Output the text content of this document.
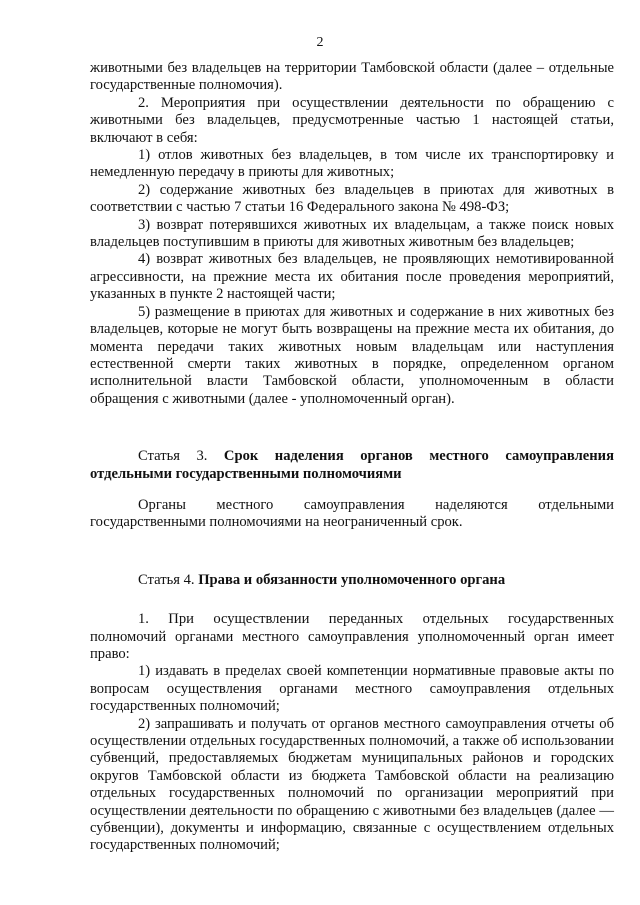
2

животными без владельцев на территории Тамбовской области (далее – отдельные государственные полномочия).

2. Мероприятия при осуществлении деятельности по обращению с животными без владельцев, предусмотренные частью 1 настоящей статьи, включают в себя:

1) отлов животных без владельцев, в том числе их транспортировку и немедленную передачу в приюты для животных;

2) содержание животных без владельцев в приютах для животных в соответствии с частью 7 статьи 16 Федерального закона № 498-ФЗ;

3) возврат потерявшихся животных их владельцам, а также поиск новых владельцев поступившим в приюты для животных животным без владельцев;

4) возврат животных без владельцев, не проявляющих немотивированной агрессивности, на прежние места их обитания после проведения мероприятий, указанных в пункте 2 настоящей части;

5) размещение в приютах для животных и содержание в них животных без владельцев, которые не могут быть возвращены на прежние места их обитания, до момента передачи таких животных новым владельцам или наступления естественной смерти таких животных в порядке, определенном органом исполнительной власти Тамбовской области, уполномоченным в области обращения с животными (далее - уполномоченный орган).

Статья 3. Срок наделения органов местного самоуправления отдельными государственными полномочиями

Органы местного самоуправления наделяются отдельными государственными полномочиями на неограниченный срок.

Статья 4. Права и обязанности уполномоченного органа

1. При осуществлении переданных отдельных государственных полномочий органами местного самоуправления уполномоченный орган имеет право:

1) издавать в пределах своей компетенции нормативные правовые акты по вопросам осуществления органами местного самоуправления отдельных государственных полномочий;

2) запрашивать и получать от органов местного самоуправления отчеты об осуществлении отдельных государственных полномочий, а также об использовании субвенций, предоставляемых бюджетам муниципальных районов и городских округов Тамбовской области из бюджета Тамбовской области на реализацию отдельных государственных полномочий по организации мероприятий при осуществлении деятельности по обращению с животными без владельцев (далее — субвенции), документы и информацию, связанные с осуществлением отдельных государственных полномочий;
